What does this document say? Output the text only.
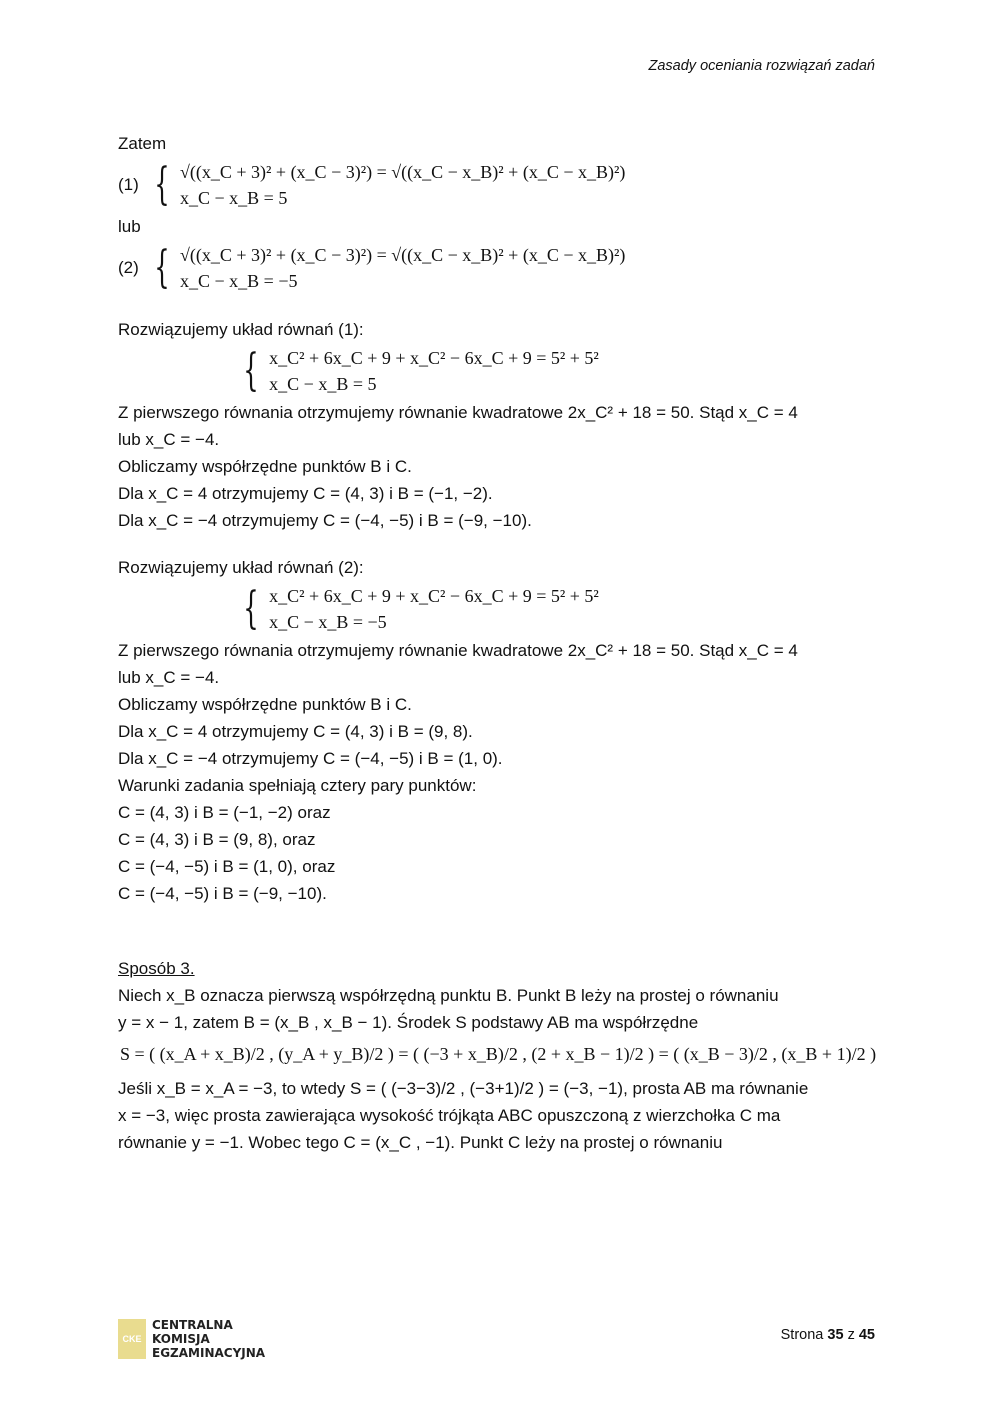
Zasady oceniania rozwiązań zadań
Zatem
(1) { √((x_C + 3)² + (x_C − 3)²) = √((x_C − x_B)² + (x_C − x_B)²)
x_C − x_B = 5
lub
(2) { √((x_C + 3)² + (x_C − 3)²) = √((x_C − x_B)² + (x_C − x_B)²)
x_C − x_B = −5
Rozwiązujemy układ równań (1):
{ x_C² + 6x_C + 9 + x_C² − 6x_C + 9 = 5² + 5²
x_C − x_B = 5
Z pierwszego równania otrzymujemy równanie kwadratowe 2x_C² + 18 = 50. Stąd x_C = 4
lub x_C = −4.
Obliczamy współrzędne punktów B i C.
Dla x_C = 4 otrzymujemy C = (4, 3) i B = (−1, −2).
Dla x_C = −4 otrzymujemy C = (−4, −5) i B = (−9, −10).
Rozwiązujemy układ równań (2):
{ x_C² + 6x_C + 9 + x_C² − 6x_C + 9 = 5² + 5²
x_C − x_B = −5
Z pierwszego równania otrzymujemy równanie kwadratowe 2x_C² + 18 = 50. Stąd x_C = 4
lub x_C = −4.
Obliczamy współrzędne punktów B i C.
Dla x_C = 4 otrzymujemy C = (4, 3) i B = (9, 8).
Dla x_C = −4 otrzymujemy C = (−4, −5) i B = (1, 0).
Warunki zadania spełniają cztery pary punktów:
C = (4, 3) i B = (−1, −2) oraz
C = (4, 3) i B = (9, 8), oraz
C = (−4, −5) i B = (1, 0), oraz
C = (−4, −5) i B = (−9, −10).
Sposób 3.
Niech x_B oznacza pierwszą współrzędną punktu B. Punkt B leży na prostej o równaniu
y = x − 1, zatem B = (x_B , x_B − 1). Środek S podstawy AB ma współrzędne
S = ( (x_A + x_B)/2 , (y_A + y_B)/2 ) = ( (−3 + x_B)/2 , (2 + x_B − 1)/2 ) = ( (x_B − 3)/2 , (x_B + 1)/2 )
Jeśli x_B = x_A = −3, to wtedy S = ( (−3−3)/2 , (−3+1)/2 ) = (−3, −1), prosta AB ma równanie
x = −3, więc prosta zawierająca wysokość trójkąta ABC opuszczoną z wierzchołka C ma
równanie y = −1. Wobec tego C = (x_C , −1). Punkt C leży na prostej o równaniu
CKE
CENTRALNA
KOMISJA
EGZAMINACYJNA
Strona 35 z 45
